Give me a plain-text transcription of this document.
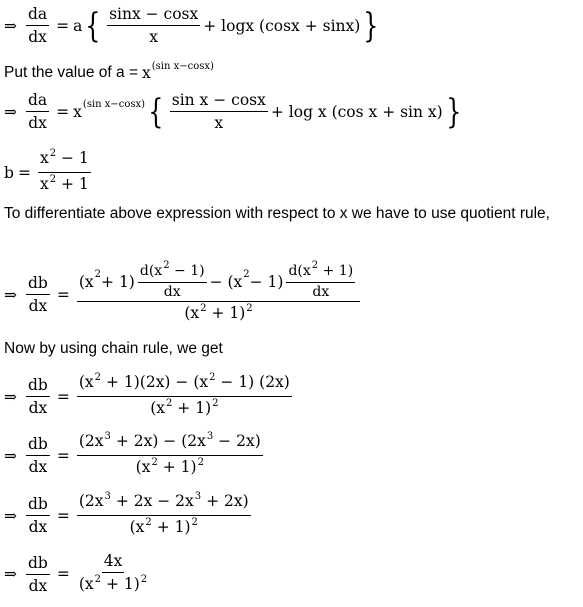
⇒ $\frac{da}{dx} = a$ { $\frac{\sin x - \cos x}{x} + \log x$ (cosx + sinx) }
Put the value of a = x (sin x−cosx)
⇒ $\frac{da}{dx} = x$ (sin x−cosx) { $\frac{\text{sin x − cosx}}{x} + \log x$ (cos x + sin x) }
$b = \frac{x^2 - 1}{x^2 + 1}$
To differentiate above expression with respect to x we have to use quotient rule,
⇒ $\frac{db}{dx}$ =
(x $2 + 1) \frac{d(x^2 - 1)}{dx} - (x$ $2 - 1) \frac{d(x^2 + 1)}{dx}$
$(x^2 + 1)^2$
Now by using chain rule, we get
⇒ $\frac{db}{dx} = \frac{(x^2 + 1)(2x) - (x^2 - 1) (2x)}{(x^2 + 1)^2}$
⇒ $\frac{db}{dx} = \frac{(2x^3 + 2x) - (2x^3 - 2x)}{(x^2 + 1)^2}$
⇒ $\frac{db}{dx} = \frac{(2x^3 + 2x - 2x^3 + 2x)}{(x^2 + 1)^2}$
⇒ $\frac{db}{dx} = \frac{4x}{(x^2 + 1)^2}$
